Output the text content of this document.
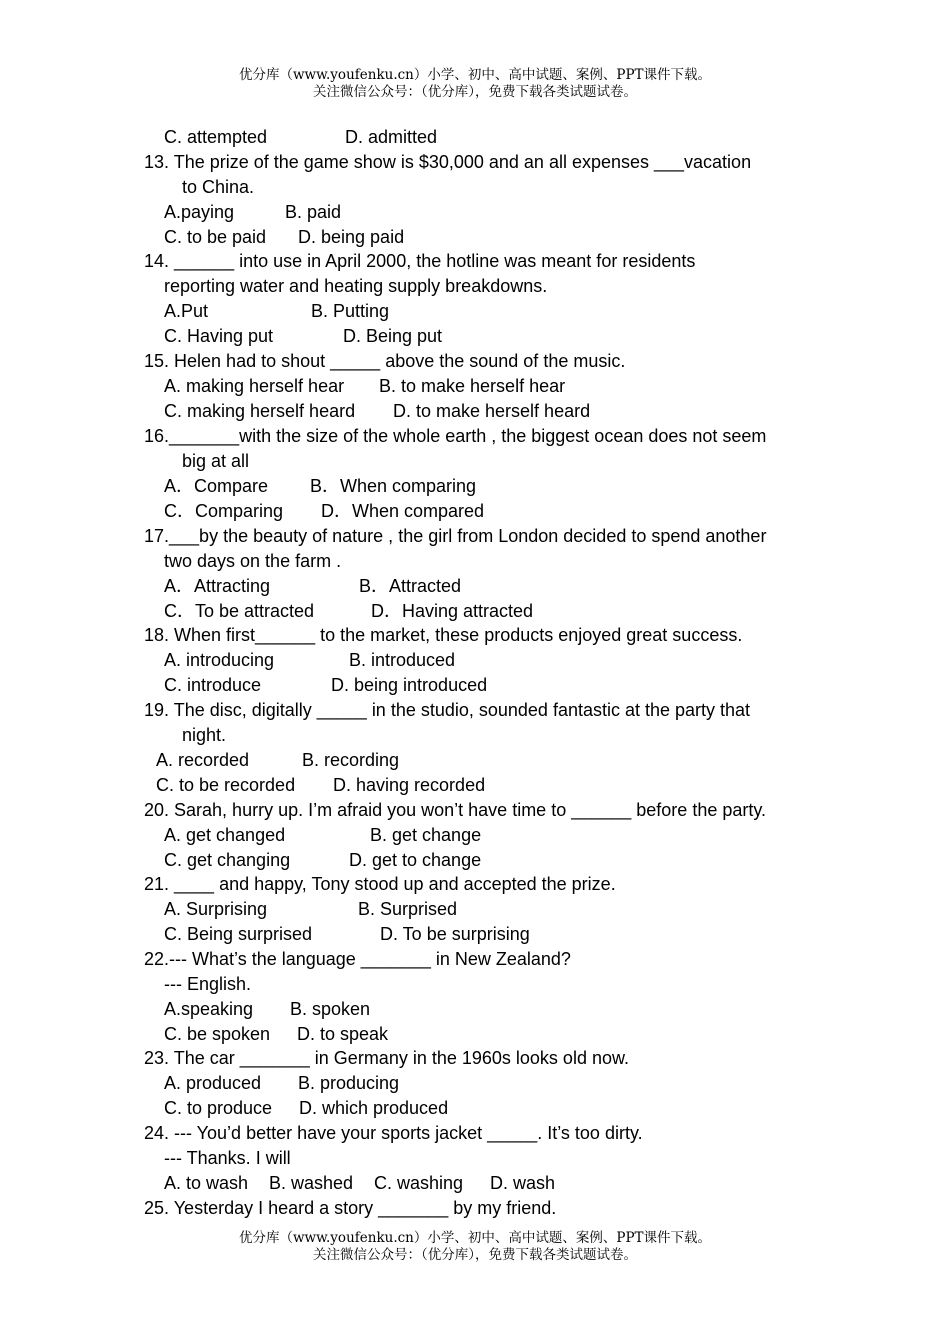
优分库（www.youfenku.cn）小学、初中、高中试题、案例、PPT课件下载。
关注微信公众号：（优分库），免费下载各类试题试卷。
C. attempted	D. admitted
13. The prize of the game show is $30,000 and an all expenses ___vacation
to China.
A.paying	B. paid
C. to be paid D. being paid
14. ______ into use in April 2000, the hotline was meant for residents
reporting water and heating supply breakdowns.
A.Put	B. Putting
C. Having put	D. Being put
15. Helen had to shout _____ above the sound of the music.
A. making herself hear B. to make herself hear
C. making herself heard D. to make herself heard
16._______with the size of the whole earth , the biggest ocean does not seem
big at all
A．Compare B．When comparing
C．Comparing D．When compared
17.___by the beauty of nature , the girl from London decided to spend another
two days on the farm .
A．Attracting	B．Attracted
C．To be attracted	D．Having attracted
18. When first______ to the market, these products enjoyed great success.
A. introducing	B. introduced
C. introduce	D. being introduced
19. The disc, digitally _____ in the studio, sounded fantastic at the party that
night.
A. recorded	B. recording
C. to be recorded D. having recorded
20. Sarah, hurry up. I’m afraid you won’t have time to ______ before the party.
A. get changed	B. get change
C. get changing	D. get to change
21. ____ and happy, Tony stood up and accepted the prize.
A. Surprising	B. Surprised
C. Being surprised	D. To be surprising
22.--- What’s the language _______ in New Zealand?
--- English.
A.speaking B. spoken
C. be spoken D. to speak
23. The car _______ in Germany in the 1960s looks old now.
A. produced B. producing
C. to produce D. which produced
24. --- You’d better have your sports jacket _____. It’s too dirty.
--- Thanks. I will
A. to wash B. washed C. washing D. wash
25. Yesterday I heard a story _______ by my friend.
优分库（www.youfenku.cn）小学、初中、高中试题、案例、PPT课件下载。
关注微信公众号：（优分库），免费下载各类试题试卷。
